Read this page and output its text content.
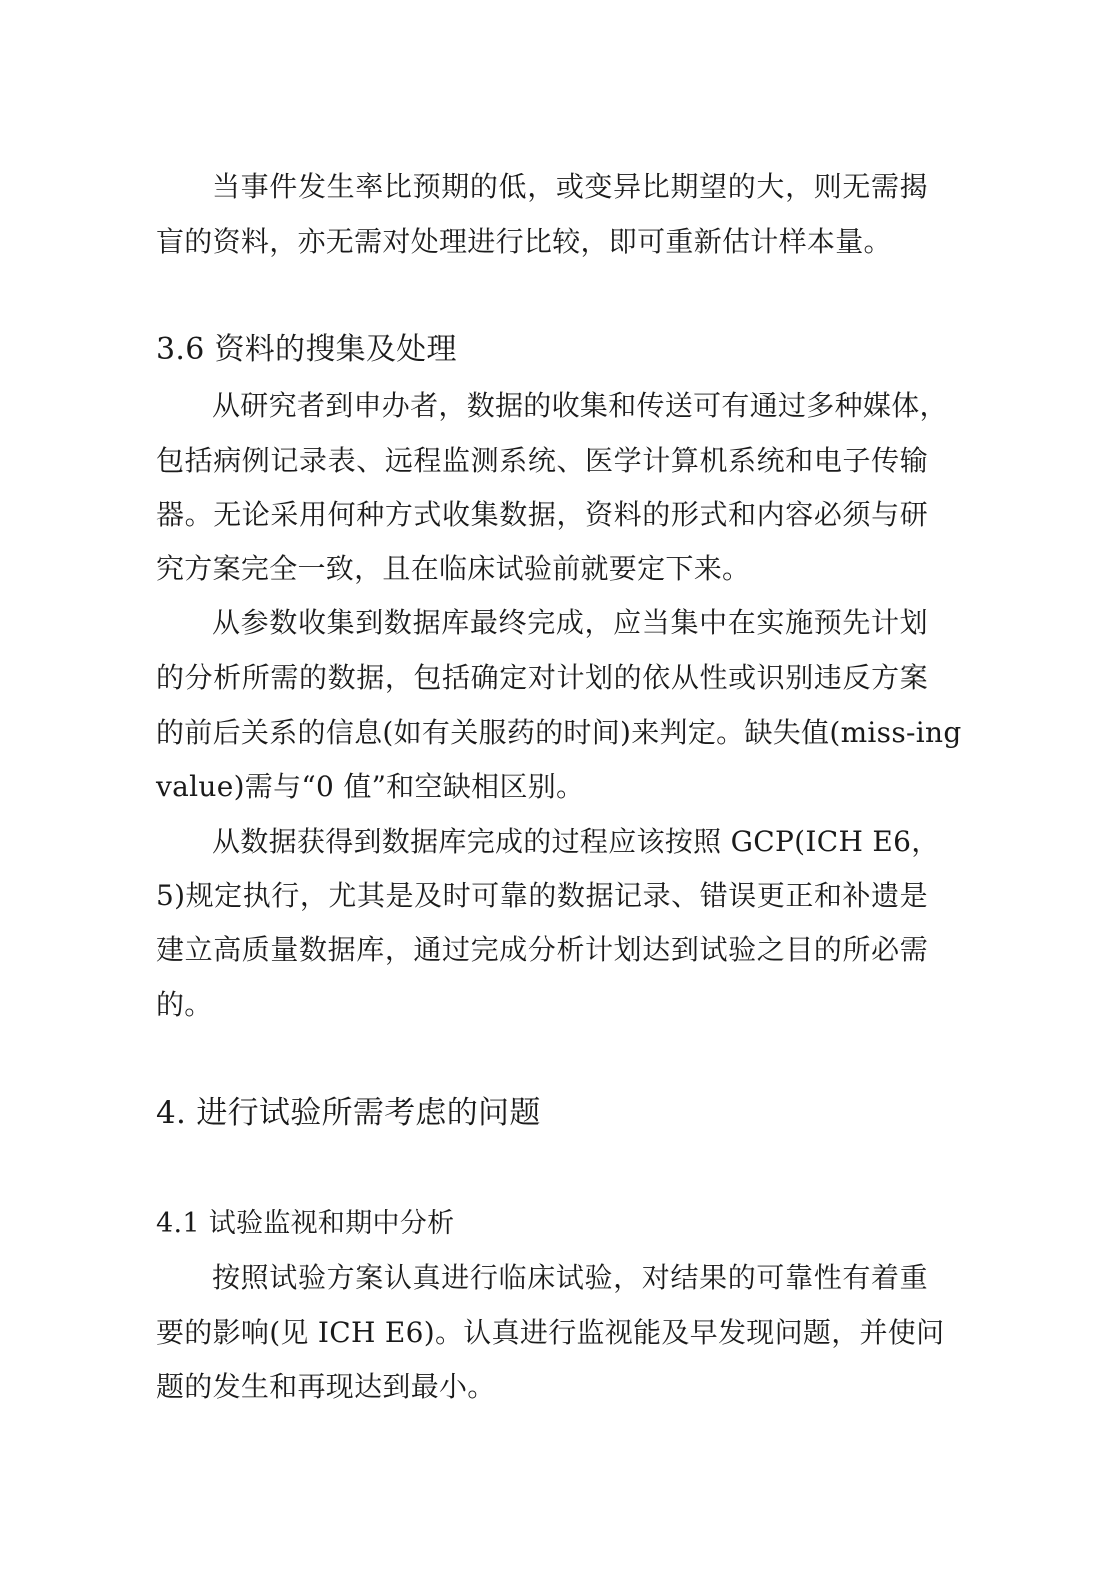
当事件发生率比预期的低，或变异比期望的大，则无需揭
盲的资料，亦无需对处理进行比较，即可重新估计样本量。
3.6 资料的搜集及处理
从研究者到申办者，数据的收集和传送可有通过多种媒体，
包括病例记录表、远程监测系统、医学计算机系统和电子传输
器。无论采用何种方式收集数据，资料的形式和内容必须与研
究方案完全一致，且在临床试验前就要定下来。
从参数收集到数据库最终完成，应当集中在实施预先计划
的分析所需的数据，包括确定对计划的依从性或识别违反方案
的前后关系的信息(如有关服药的时间)来判定。缺失值(miss-ing
value)需与“0 值”和空缺相区别。
从数据获得到数据库完成的过程应该按照 GCP(ICH E6，
5)规定执行，尤其是及时可靠的数据记录、错误更正和补遗是
建立高质量数据库，通过完成分析计划达到试验之目的所必需
的。
4. 进行试验所需考虑的问题
4.1 试验监视和期中分析
按照试验方案认真进行临床试验，对结果的可靠性有着重
要的影响(见 ICH E6)。认真进行监视能及早发现问题，并使问
题的发生和再现达到最小。
